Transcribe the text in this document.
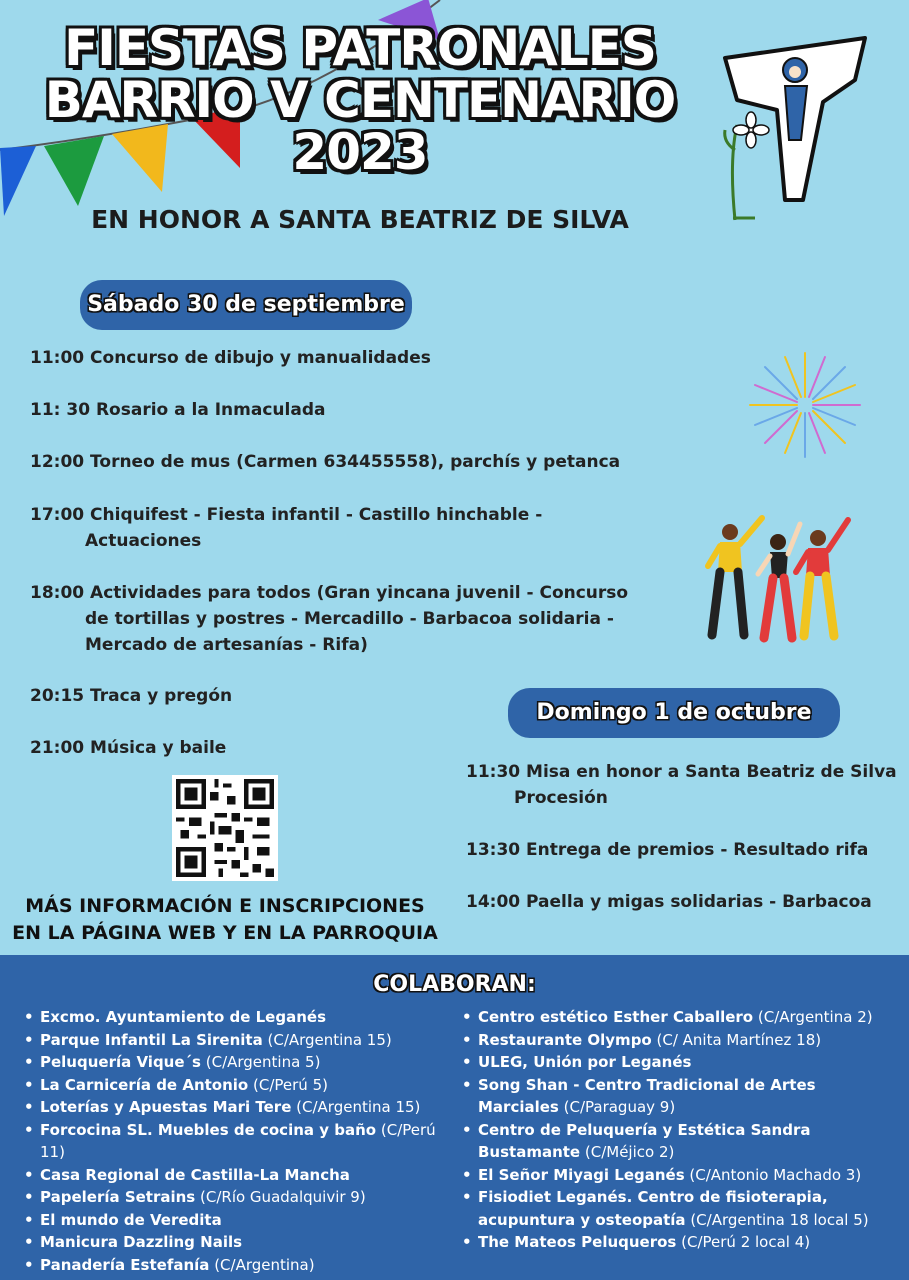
FIESTAS PATRONALES
BARRIO V CENTENARIO
2023
EN HONOR A SANTA BEATRIZ DE SILVA
Sábado 30 de septiembre
11:00 Concurso de dibujo y manualidades
11: 30 Rosario a la Inmaculada
12:00 Torneo de mus (Carmen 634455558), parchís y petanca
17:00 Chiquifest - Fiesta infantil - Castillo hinchable -
Actuaciones
18:00 Actividades para todos (Gran yincana juvenil - Concurso
de tortillas y postres - Mercadillo - Barbacoa solidaria -
Mercado de artesanías - Rifa)
20:15 Traca y pregón
21:00 Música y baile
MÁS INFORMACIÓN E INSCRIPCIONES
EN LA PÁGINA WEB Y EN LA PARROQUIA
Domingo 1 de octubre
11:30 Misa en honor a Santa Beatriz de Silva
Procesión
13:30 Entrega de premios - Resultado rifa
14:00 Paella y migas solidarias - Barbacoa
COLABORAN:
• Excmo. Ayuntamiento de Leganés
• Parque Infantil La Sirenita (C/Argentina 15)
• Peluquería Vique´s (C/Argentina 5)
• La Carnicería de Antonio (C/Perú 5)
• Loterías y Apuestas Mari Tere (C/Argentina 15)
• Forcocina SL. Muebles de cocina y baño (C/Perú 11)
• Casa Regional de Castilla-La Mancha
• Papelería Setrains (C/Río Guadalquivir 9)
• El mundo de Veredita
• Manicura Dazzling Nails
• Panadería Estefanía (C/Argentina)
• Centro estético Esther Caballero (C/Argentina 2)
• Restaurante Olympo (C/ Anita Martínez 18)
• ULEG, Unión por Leganés
• Song Shan - Centro Tradicional de Artes Marciales (C/Paraguay 9)
• Centro de Peluquería y Estética Sandra Bustamante (C/Méjico 2)
• El Señor Miyagi Leganés (C/Antonio Machado 3)
• Fisiodiet Leganés. Centro de fisioterapia, acupuntura y osteopatía (C/Argentina 18 local 5)
• The Mateos Peluqueros (C/Perú 2 local 4)
